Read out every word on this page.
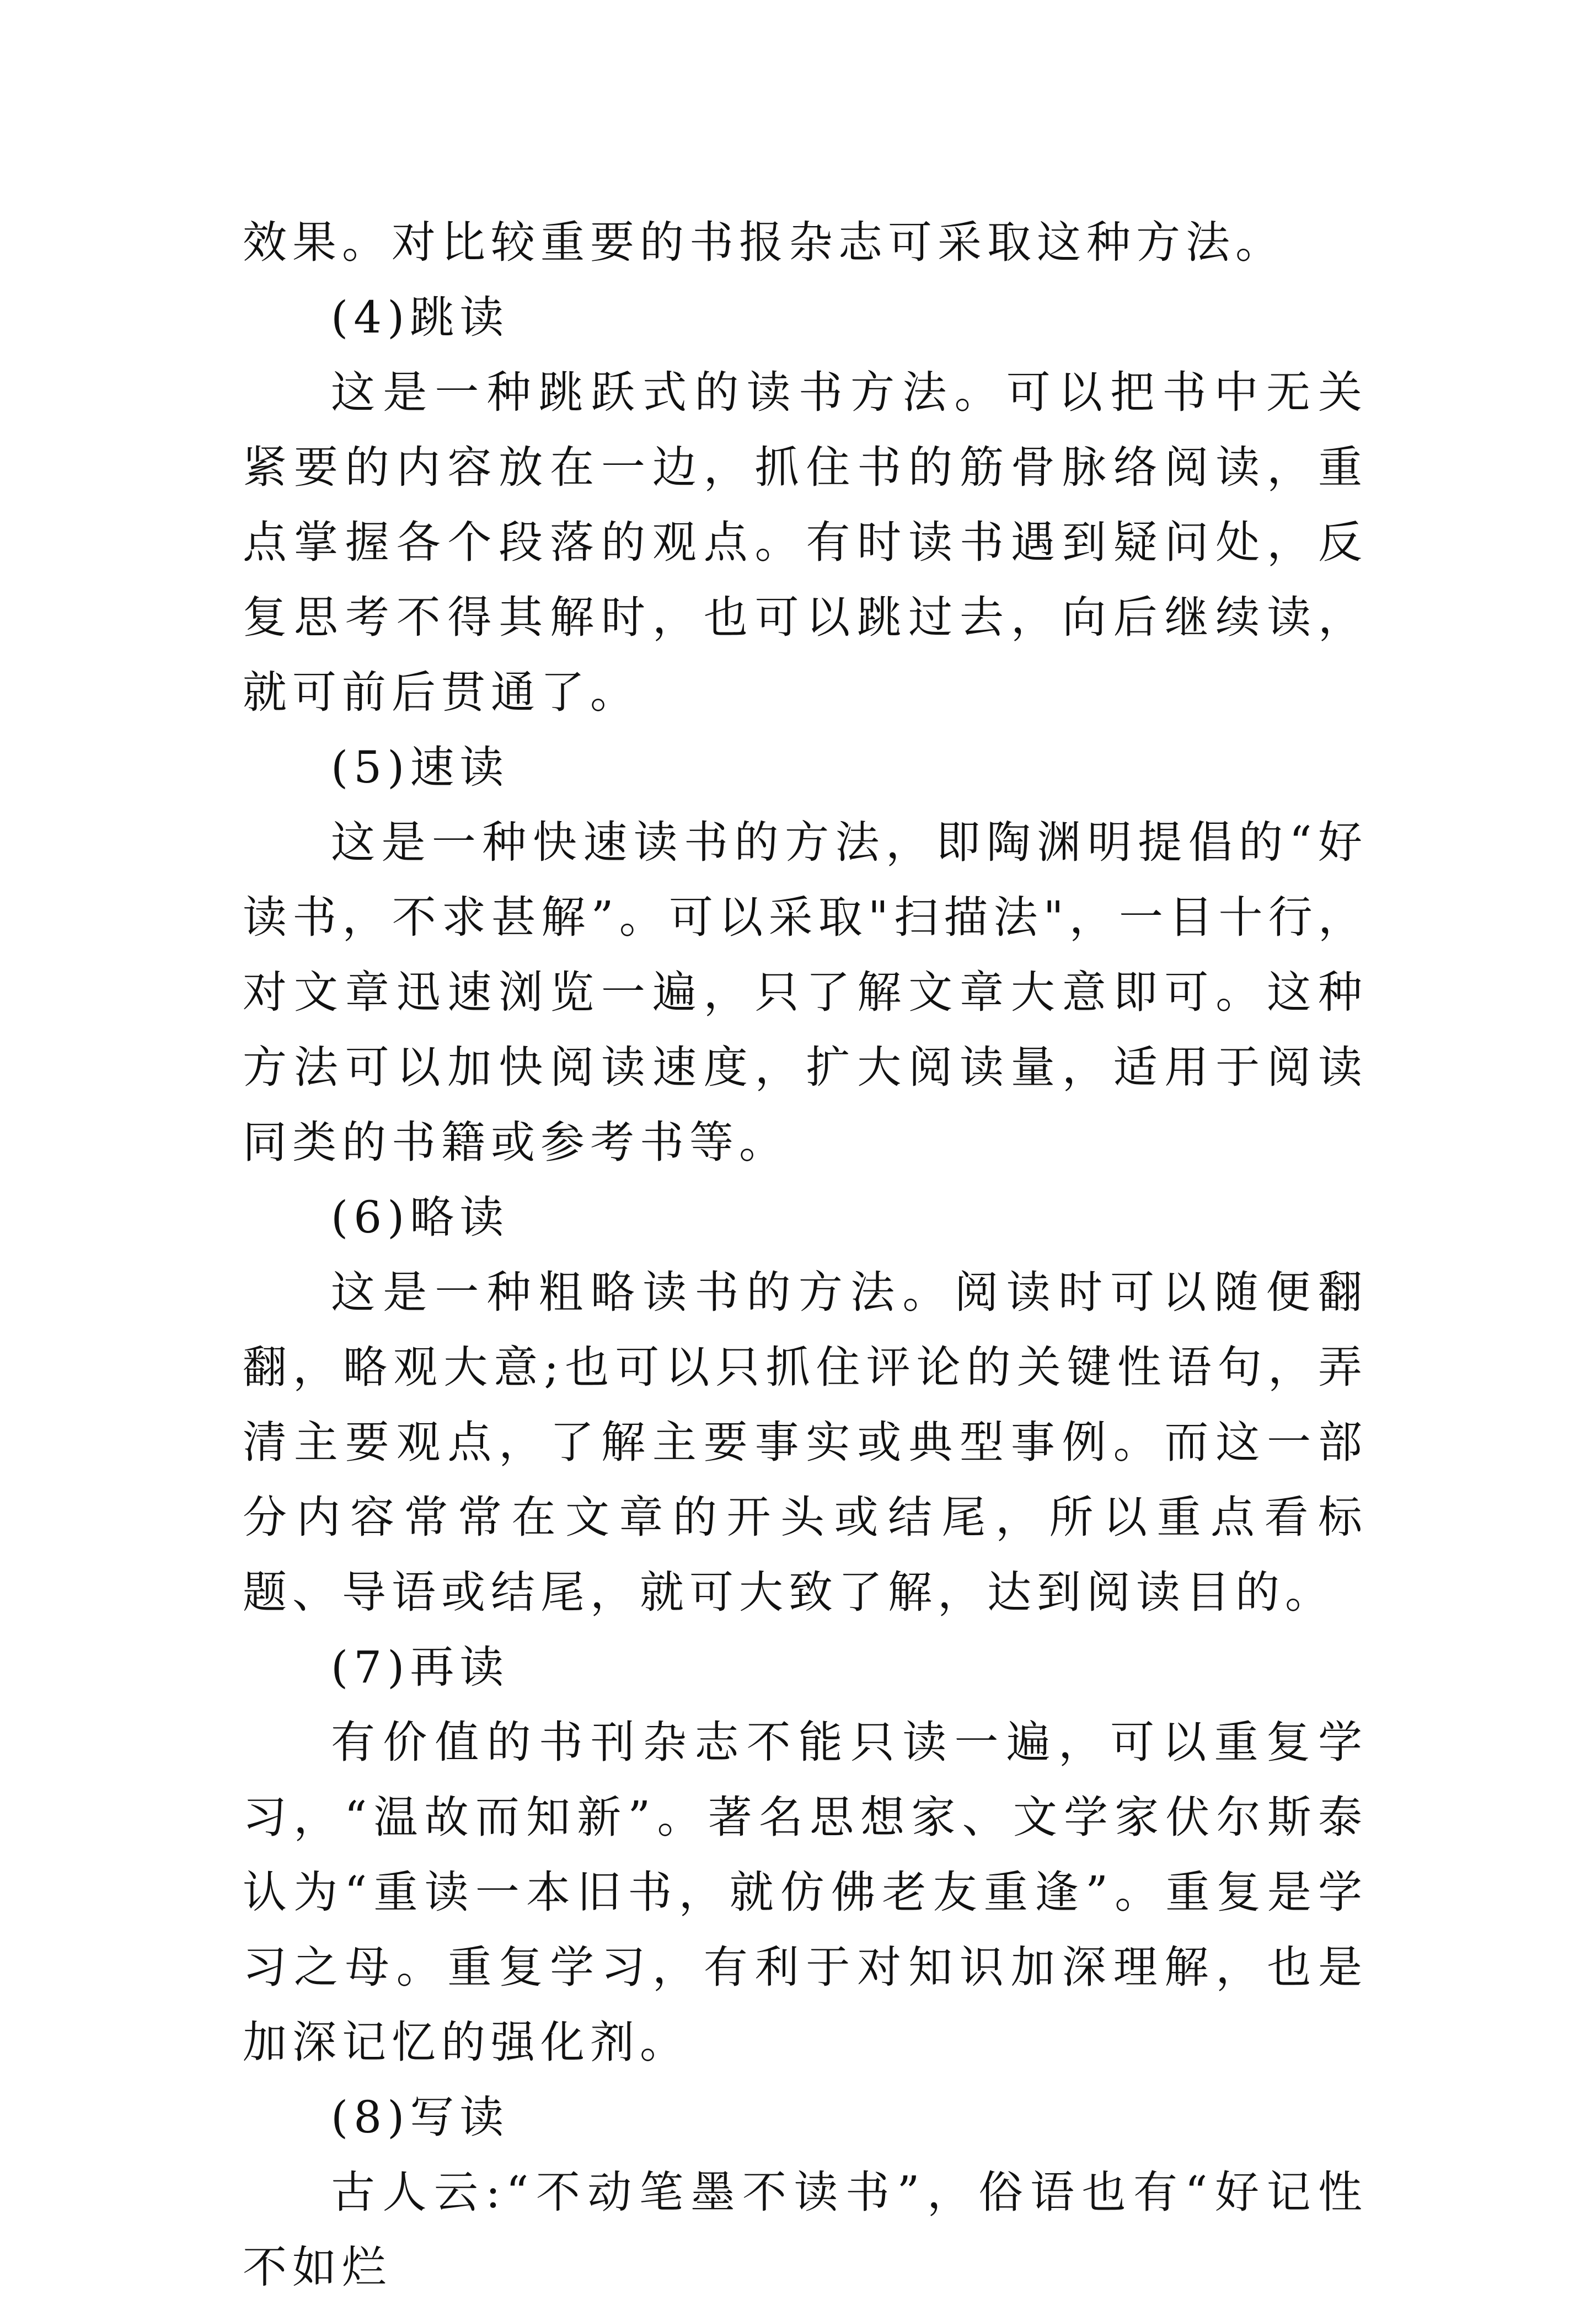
效果。对比较重要的书报杂志可采取这种方法。

(4)跳读

这是一种跳跃式的读书方法。可以把书中无关紧要的内容放在一边，抓住书的筋骨脉络阅读，重点掌握各个段落的观点。有时读书遇到疑问处，反复思考不得其解时，也可以跳过去，向后继续读，就可前后贯通了。

(5)速读

这是一种快速读书的方法，即陶渊明提倡的“好读书，不求甚解”。可以采取"扫描法"，一目十行，对文章迅速浏览一遍，只了解文章大意即可。这种方法可以加快阅读速度，扩大阅读量，适用于阅读同类的书籍或参考书等。

(6)略读

这是一种粗略读书的方法。阅读时可以随便翻翻，略观大意;也可以只抓住评论的关键性语句，弄清主要观点，了解主要事实或典型事例。而这一部分内容常常在文章的开头或结尾，所以重点看标题、导语或结尾，就可大致了解，达到阅读目的。

(7)再读

有价值的书刊杂志不能只读一遍，可以重复学习，“温故而知新”。著名思想家、文学家伏尔斯泰认为“重读一本旧书，就仿佛老友重逢”。重复是学习之母。重复学习，有利于对知识加深理解，也是加深记忆的强化剂。

(8)写读

古人云:“不动笔墨不读书”，俗语也有“好记性不如烂
